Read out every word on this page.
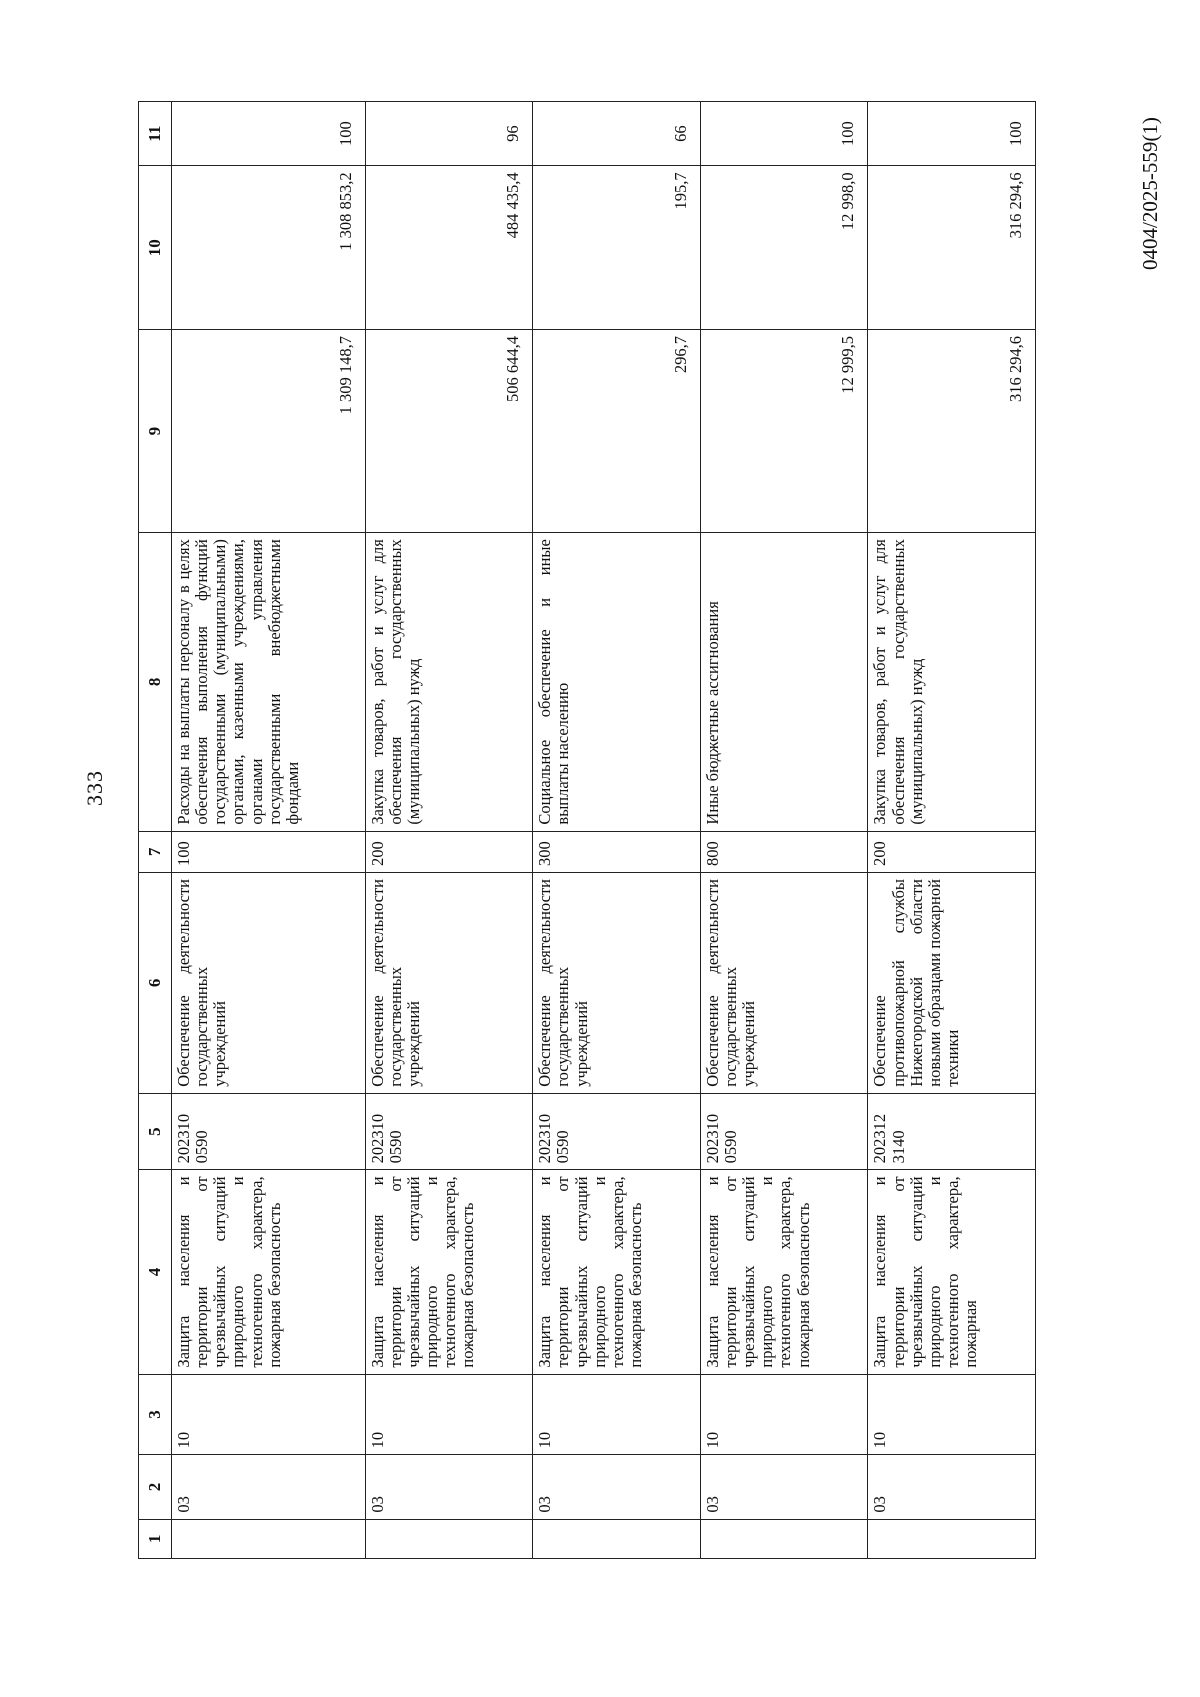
333
0404/2025-559(1)
1	2	3	4	5	6	7	8	9	10	11
	03	10	Защита населения и территории от чрезвычайных ситуаций природного и техногенного характера, пожарная безопасность	202310 0590	Обеспечение деятельности государственных учреждений	100	Расходы на выплаты персоналу в целях обеспечения выполнения функций государственными (муниципальными) органами, казенными учреждениями, органами управления государственными внебюджетными фондами	1 309 148,7	1 308 853,2	100
	03	10	Защита населения и территории от чрезвычайных ситуаций природного и техногенного характера, пожарная безопасность	202310 0590	Обеспечение деятельности государственных учреждений	200	Закупка товаров, работ и услуг для обеспечения государственных (муниципальных) нужд	506 644,4	484 435,4	96
	03	10	Защита населения и территории от чрезвычайных ситуаций природного и техногенного характера, пожарная безопасность	202310 0590	Обеспечение деятельности государственных учреждений	300	Социальное обеспечение и иные выплаты населению	296,7	195,7	66
	03	10	Защита населения и территории от чрезвычайных ситуаций природного и техногенного характера, пожарная безопасность	202310 0590	Обеспечение деятельности государственных учреждений	800	Иные бюджетные ассигнования	12 999,5	12 998,0	100
	03	10	Защита населения и территории от чрезвычайных ситуаций природного и техногенного характера, пожарная	202312 3140	Обеспечение противопожарной службы Нижегородской области новыми образцами пожарной техники	200	Закупка товаров, работ и услуг для обеспечения государственных (муниципальных) нужд	316 294,6	316 294,6	100
